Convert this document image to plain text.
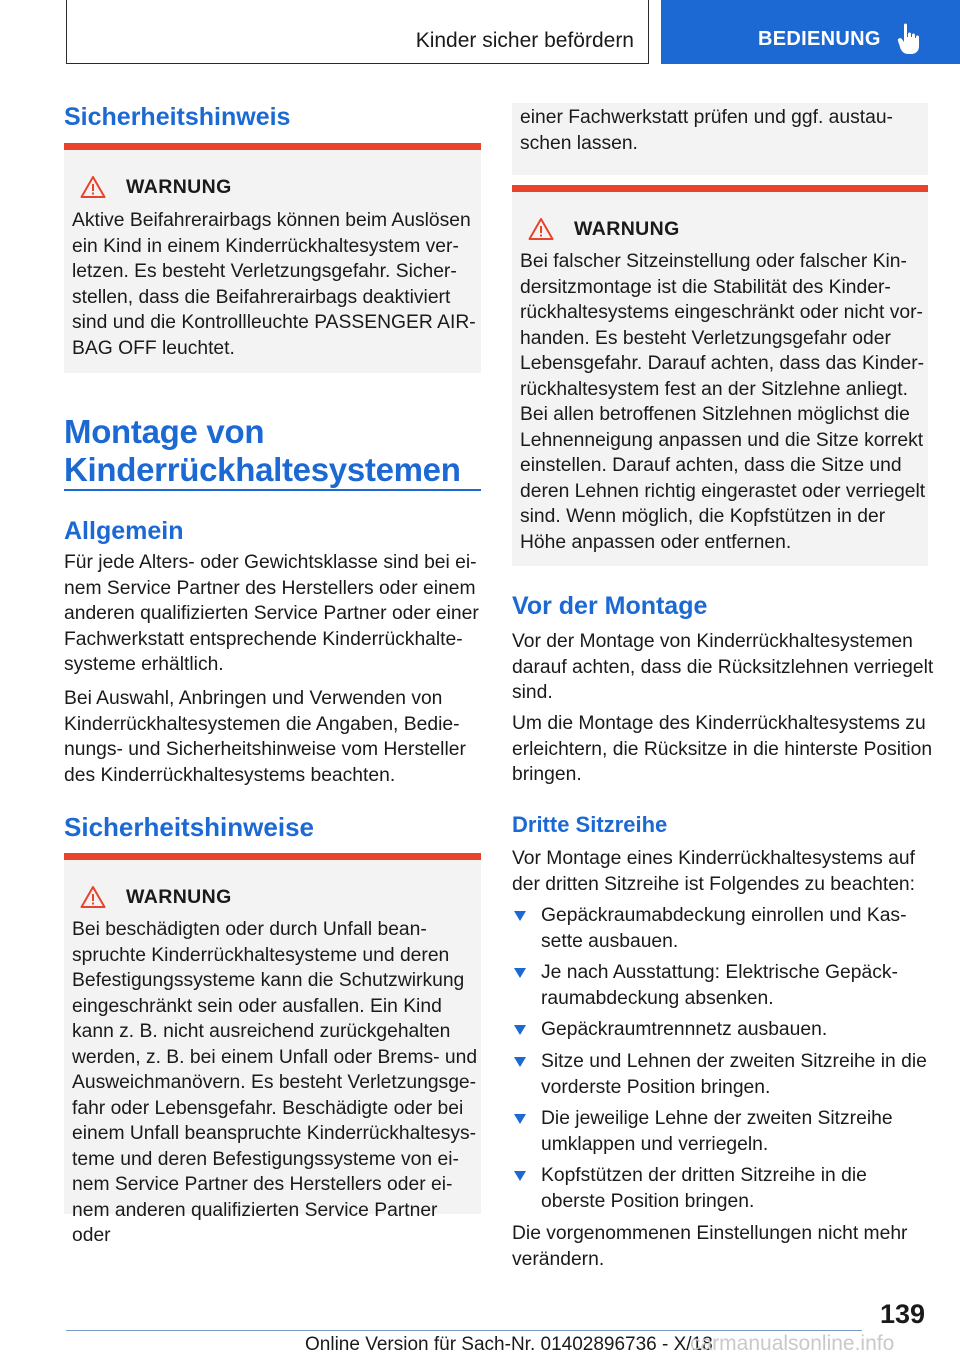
Kinder sicher befördern	BEDIENUNG
Sicherheitshinweis
WARNUNG
Aktive Beifahrerairbags können beim Auslösen
ein Kind in einem Kinderrückhaltesystem ver-
letzen. Es besteht Verletzungsgefahr. Sicher-
stellen, dass die Beifahrerairbags deaktiviert
sind und die Kontrollleuchte PASSENGER AIR-
BAG OFF leuchtet.
Montage von
Kinderrückhaltesystemen
Allgemein
Für jede Alters- oder Gewichtsklasse sind bei ei-
nem Service Partner des Herstellers oder einem
anderen qualifizierten Service Partner oder einer
Fachwerkstatt entsprechende Kinderrückhalte-
systeme erhältlich.
Bei Auswahl, Anbringen und Verwenden von
Kinderrückhaltesystemen die Angaben, Bedie-
nungs- und Sicherheitshinweise vom Hersteller
des Kinderrückhaltesystems beachten.
Sicherheitshinweise
WARNUNG
Bei beschädigten oder durch Unfall bean-
spruchte Kinderrückhaltesysteme und deren
Befestigungssysteme kann die Schutzwirkung
eingeschränkt sein oder ausfallen. Ein Kind
kann z. B. nicht ausreichend zurückgehalten
werden, z. B. bei einem Unfall oder Brems- und
Ausweichmanövern. Es besteht Verletzungsge-
fahr oder Lebensgefahr. Beschädigte oder bei
einem Unfall beanspruchte Kinderrückhaltesys-
teme und deren Befestigungssysteme von ei-
nem Service Partner des Herstellers oder ei-
nem anderen qualifizierten Service Partner oder
einer Fachwerkstatt prüfen und ggf. austau-
schen lassen.
WARNUNG
Bei falscher Sitzeinstellung oder falscher Kin-
dersitzmontage ist die Stabilität des Kinder-
rückhaltesystems eingeschränkt oder nicht vor-
handen. Es besteht Verletzungsgefahr oder
Lebensgefahr. Darauf achten, dass das Kinder-
rückhaltesystem fest an der Sitzlehne anliegt.
Bei allen betroffenen Sitzlehnen möglichst die
Lehnenneigung anpassen und die Sitze korrekt
einstellen. Darauf achten, dass die Sitze und
deren Lehnen richtig eingerastet oder verriegelt
sind. Wenn möglich, die Kopfstützen in der
Höhe anpassen oder entfernen.
Vor der Montage
Vor der Montage von Kinderrückhaltesystemen
darauf achten, dass die Rücksitzlehnen verriegelt
sind.
Um die Montage des Kinderrückhaltesystems zu
erleichtern, die Rücksitze in die hinterste Position
bringen.
Dritte Sitzreihe
Vor Montage eines Kinderrückhaltesystems auf
der dritten Sitzreihe ist Folgendes zu beachten:
Gepäckraumabdeckung einrollen und Kas-
sette ausbauen.
Je nach Ausstattung: Elektrische Gepäck-
raumabdeckung absenken.
Gepäckraumtrennnetz ausbauen.
Sitze und Lehnen der zweiten Sitzreihe in die
vorderste Position bringen.
Die jeweilige Lehne der zweiten Sitzreihe
umklappen und verriegeln.
Kopfstützen der dritten Sitzreihe in die
oberste Position bringen.
Die vorgenommenen Einstellungen nicht mehr
verändern.
139
Online Version für Sach-Nr. 01402896736 - X/18
carmanualsonline.info
